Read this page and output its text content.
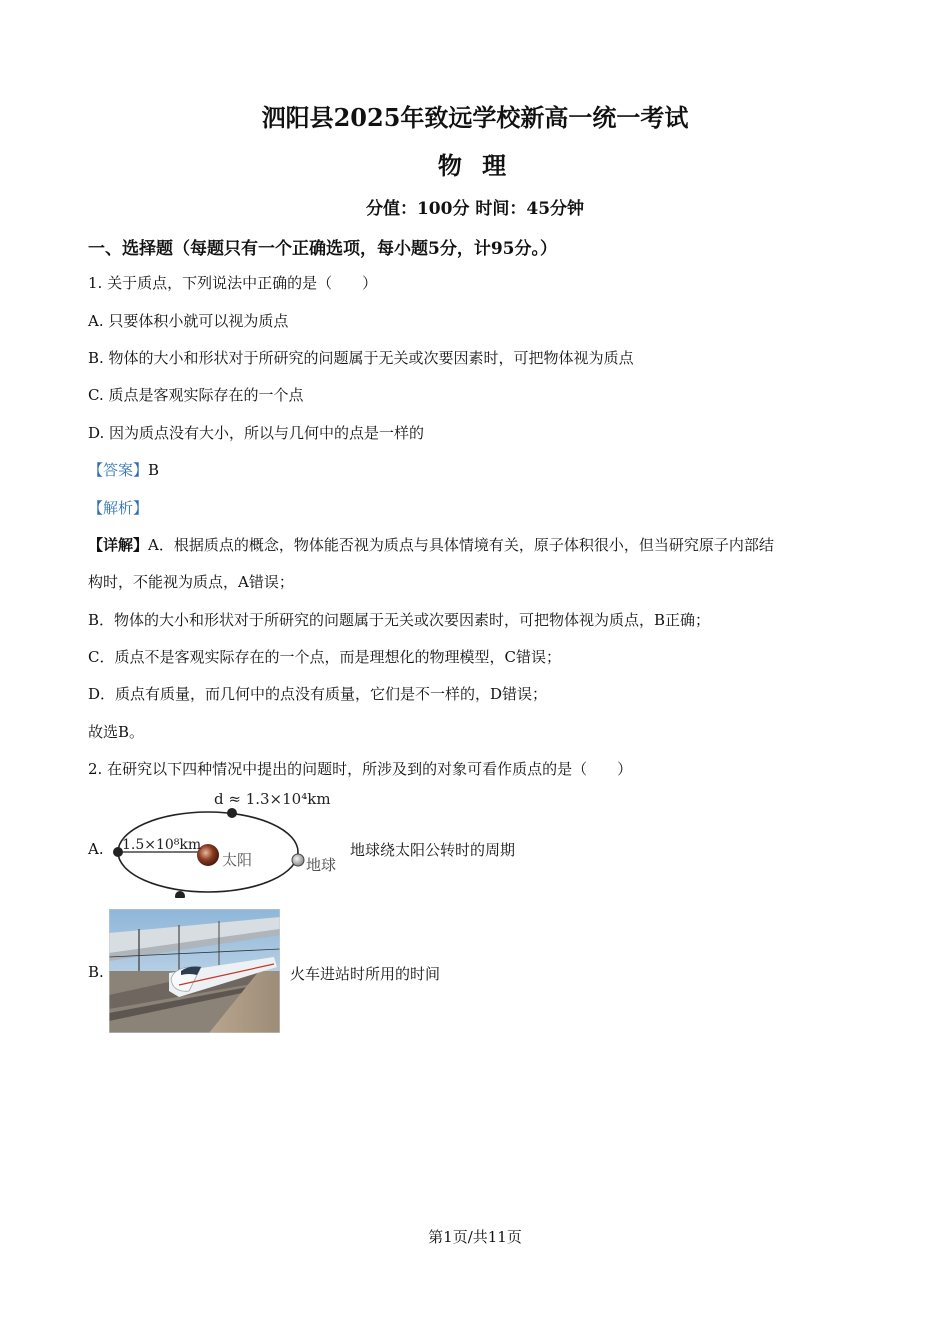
泗阳县2025年致远学校新高一统一考试
物 理
分值：100分 时间：45分钟
一、选择题（每题只有一个正确选项，每小题5分，计95分。）
1. 关于质点，下列说法中正确的是（　　）
A. 只要体积小就可以视为质点
B. 物体的大小和形状对于所研究的问题属于无关或次要因素时，可把物体视为质点
C. 质点是客观实际存在的一个点
D. 因为质点没有大小，所以与几何中的点是一样的
【答案】B
【解析】
【详解】A．根据质点的概念，物体能否视为质点与具体情境有关，原子体积很小，但当研究原子内部结
构时，不能视为质点，A错误；
B．物体的大小和形状对于所研究的问题属于无关或次要因素时，可把物体视为质点，B正确；
C．质点不是客观实际存在的一个点，而是理想化的物理模型，C错误；
D．质点有质量，而几何中的点没有质量，它们是不一样的，D错误；
故选B。
2. 在研究以下四种情况中提出的问题时，所涉及到的对象可看作质点的是（　　）
A.
d ≈ 1.3×10⁴km
1.5×10⁸km
太阳	地球
地球绕太阳公转时的周期
B.	火车进站时所用的时间
第1页/共11页
